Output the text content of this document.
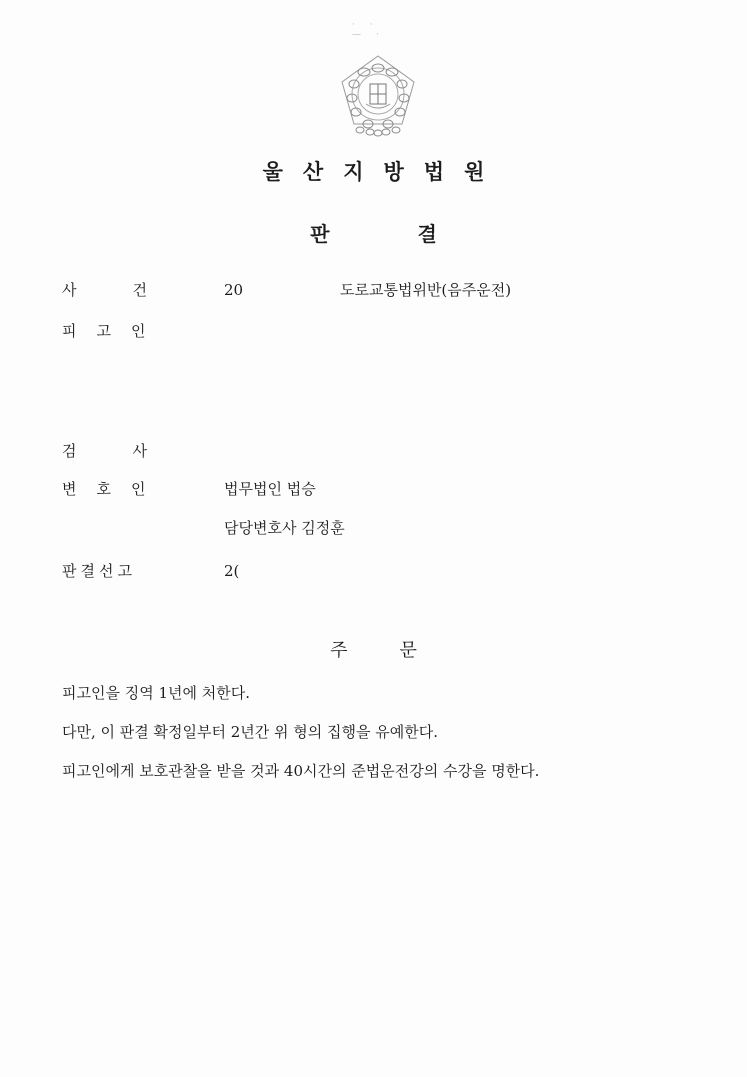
· · — ·
울 산 지 방 법 원
판	결
사	건	20	도로교통법위반(음주운전)
피 고 인
검	사
변 호 인	법무법인 법승
담당변호사 김정훈
판 결 선 고	2(
주	문
피고인을 징역 1년에 처한다.
다만, 이 판결 확정일부터 2년간 위 형의 집행을 유예한다.
피고인에게 보호관찰을 받을 것과 40시간의 준법운전강의 수강을 명한다.
